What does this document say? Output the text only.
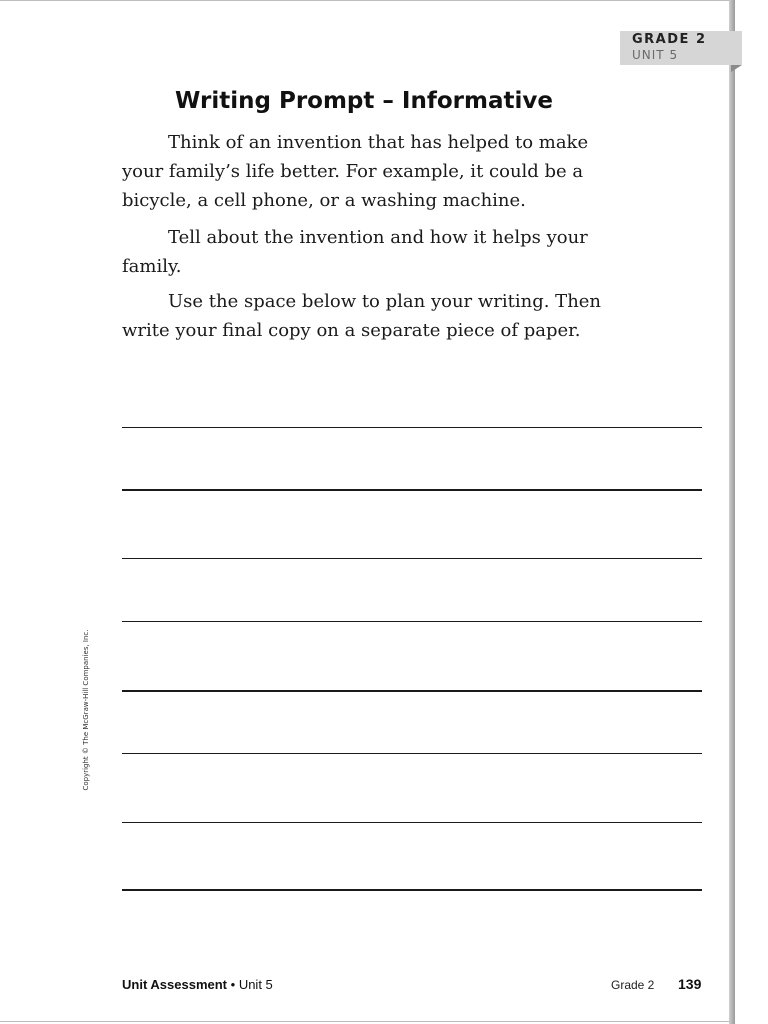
GRADE 2
UNIT 5
Writing Prompt – Informative

Think of an invention that has helped to make your family’s life better. For example, it could be a bicycle, a cell phone, or a washing machine.

Tell about the invention and how it helps your family.

Use the space below to plan your writing. Then write your final copy on a separate piece of paper.

Copyright © The McGraw-Hill Companies, Inc.
Unit Assessment • Unit 5	Grade 2 139
